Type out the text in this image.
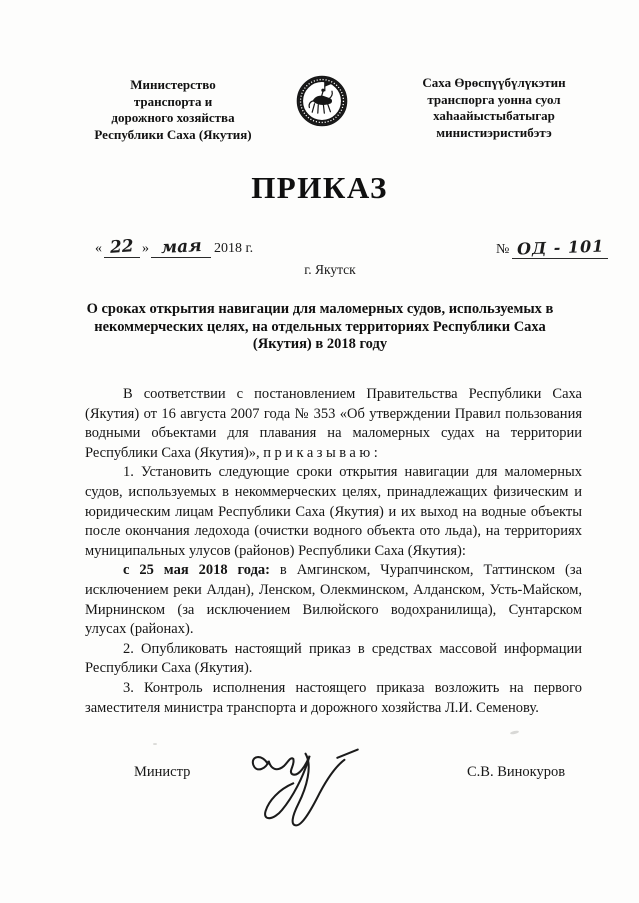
Министерство
транспорта и
дорожного хозяйства
Республики Саха (Якутия)
Саха Өрөспүүбүлүкэтин
транспорга уонна суол
хаһаайыстыбатыгар
министиэристибэтэ
ПРИКАЗ
« 22 » мая 2018 г.	№ ОД - 101
г. Якутск
О сроках открытия навигации для маломерных судов, используемых в некоммерческих целях, на отдельных территориях Республики Саха (Якутия) в 2018 году

В соответствии с постановлением Правительства Республики Саха (Якутия) от 16 августа 2007 года № 353 «Об утверждении Правил пользования водными объектами для плавания на маломерных судах на территории Республики Саха (Якутия)», приказываю:

1. Установить следующие сроки открытия навигации для маломерных судов, используемых в некоммерческих целях, принадлежащих физическим и юридическим лицам Республики Саха (Якутия) и их выход на водные объекты после окончания ледохода (очистки водного объекта ото льда), на территориях муниципальных улусов (районов) Республики Саха (Якутия):

с 25 мая 2018 года: в Амгинском, Чурапчинском, Таттинском (за исключением реки Алдан), Ленском, Олекминском, Алданском, Усть-Майском, Мирнинском (за исключением Вилюйского водохранилища), Сунтарском улусах (районах).

2. Опубликовать настоящий приказ в средствах массовой информации Республики Саха (Якутия).

3. Контроль исполнения настоящего приказа возложить на первого заместителя министра транспорта и дорожного хозяйства Л.И. Семенову.

Министр	С.В. Винокуров
